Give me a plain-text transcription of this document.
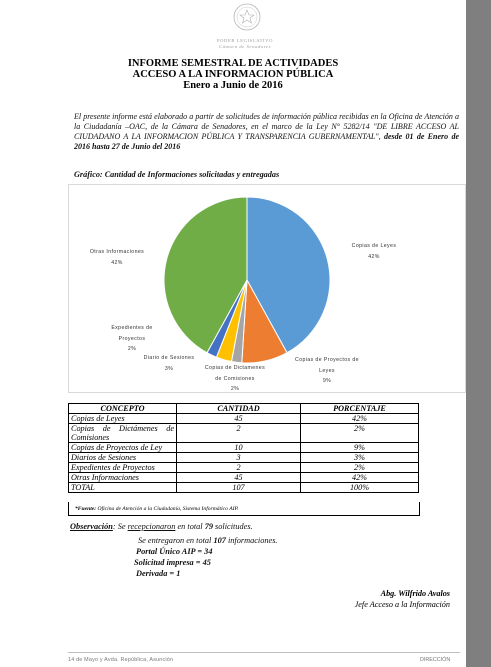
PODER LEGISLATIVO
Cámara de Senadores
INFORME SEMESTRAL DE ACTIVIDADES
ACCESO A LA INFORMACION PÚBLICA
Enero a Junio de 2016
El presente informe está elaborado a partir de solicitudes de información pública recibidas en la Oficina de Atención a la Ciudadanía –OAC, de la Cámara de Senadores, en el marco de la Ley N° 5282/14 "DE LIBRE ACCESO AL CIUDADANO A LA INFORMACION PÚBLICA Y TRANSPARENCIA GUBERNAMENTAL", desde 01 de Enero de 2016 hasta 27 de Junio del 2016
Gráfico: Cantidad de Informaciones solicitadas y entregadas
Copias de Leyes
42%
Copias de Proyectos de Leyes
9%
Copias de Dictamenes de Comisiones
2%
Diario de Sesiones
3%
Expedientes de Proyectos
2%
Otras Informaciones
42%
CONCEPTO	CANTIDAD	PORCENTAJE
Copias de Leyes	45	42%
Copias de Dictámenes de Comisiones	2	2%
Copias de Proyectos de Ley	10	9%
Diarios de Sesiones	3	3%
Expedientes de Proyectos	2	2%
Otras Informaciones	45	42%
TOTAL	107	100%
*Fuente: Oficina de Atención a la Ciudadanía, Sistema Informático AIP.
Observación: Se recepcionaron en total 79 solicitudes.
Se entregaron en total 107 informaciones.
Portal Único AIP = 34
Solicitud impresa = 45
Derivada = 1
Abg. Wilfrido Avalos
Jefe Acceso a la Información
14 de Mayo y Avda. República, Asunción	DIRECCIÓN
